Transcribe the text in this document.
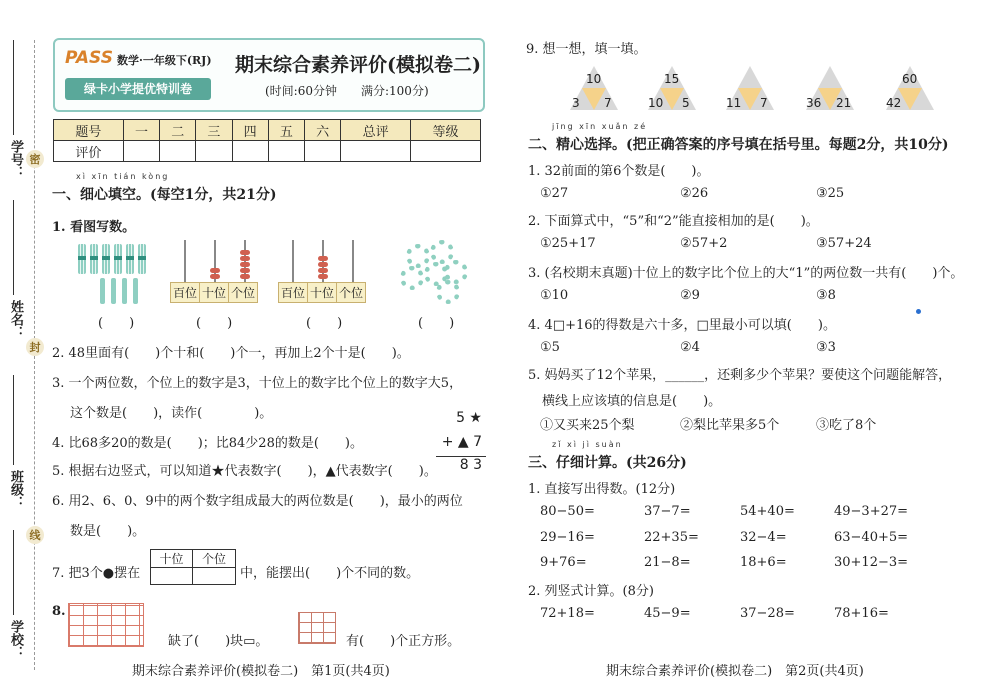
学号：
姓名：
班级：
学校：
密
封
线
PASS 数学·一年级下(RJ)
绿卡小学提优特训卷
期末综合素养评价(模拟卷二)
(时间:60分钟　　满分:100分)
题号	一	二	三	四	五	六	总评	等级
评价								
xì xīn tián kòng
一、细心填空。(每空1分，共21分)
1. 看图写数。
百位 十位 个位 百位 十位 个位
(　　)	(　　)	(　　)	(　　)
2. 48里面有(　　)个十和(　　)个一，再加上2个十是(　　)。
3. 一个两位数，个位上的数字是3，十位上的数字比个位上的数字大5，
这个数是(　　)，读作(　　　　)。
4. 比68多20的数是(　　)；比84少28的数是(　　)。
5. 根据右边竖式，可以知道★代表数字(　　)，▲代表数字(　　)。
5 ★
+ ▲ 7
8 3
6. 用2、6、0、9中的两个数字组成最大的两位数是(　　)，最小的两位
数是(　　)。
7. 把3个●摆在
十位	个位
中，能摆出(　　)个不同的数。
8.
缺了(　　)块▭。	有(　　)个正方形。
期末综合素养评价(模拟卷二)　第1页(共4页)
9. 想一想，填一填。
10
3 7
15
10 5	11 7	36 21
60
42
jīng xīn xuǎn zé
二、精心选择。(把正确答案的序号填在括号里。每题2分，共10分)
1. 32前面的第6个数是(　　)。
①27	②26	③25
2. 下面算式中，“5”和“2”能直接相加的是(　　)。
①25+17	②57+2	③57+24
3. (名校期末真题)十位上的数字比个位上的大“1”的两位数一共有(　　)个。
①10	②9	③8
4. 4□+16的得数是六十多，□里最小可以填(　　)。
①5	②4	③3
5. 妈妈买了12个苹果，______，还剩多少个苹果？要使这个问题能解答，
横线上应该填的信息是(　　)。
①又买来25个梨	②梨比苹果多5个	③吃了8个
zǐ xì jì suàn
三、仔细计算。(共26分)
1. 直接写出得数。(12分)
80−50=	37−7=	54+40=	49−3+27=
29−16=	22+35=	32−4=	63−40+5=
9+76=	21−8=	18+6=	30+12−3=
2. 列竖式计算。(8分)
72+18=	45−9=	37−28=	78+16=
期末综合素养评价(模拟卷二)　第2页(共4页)
